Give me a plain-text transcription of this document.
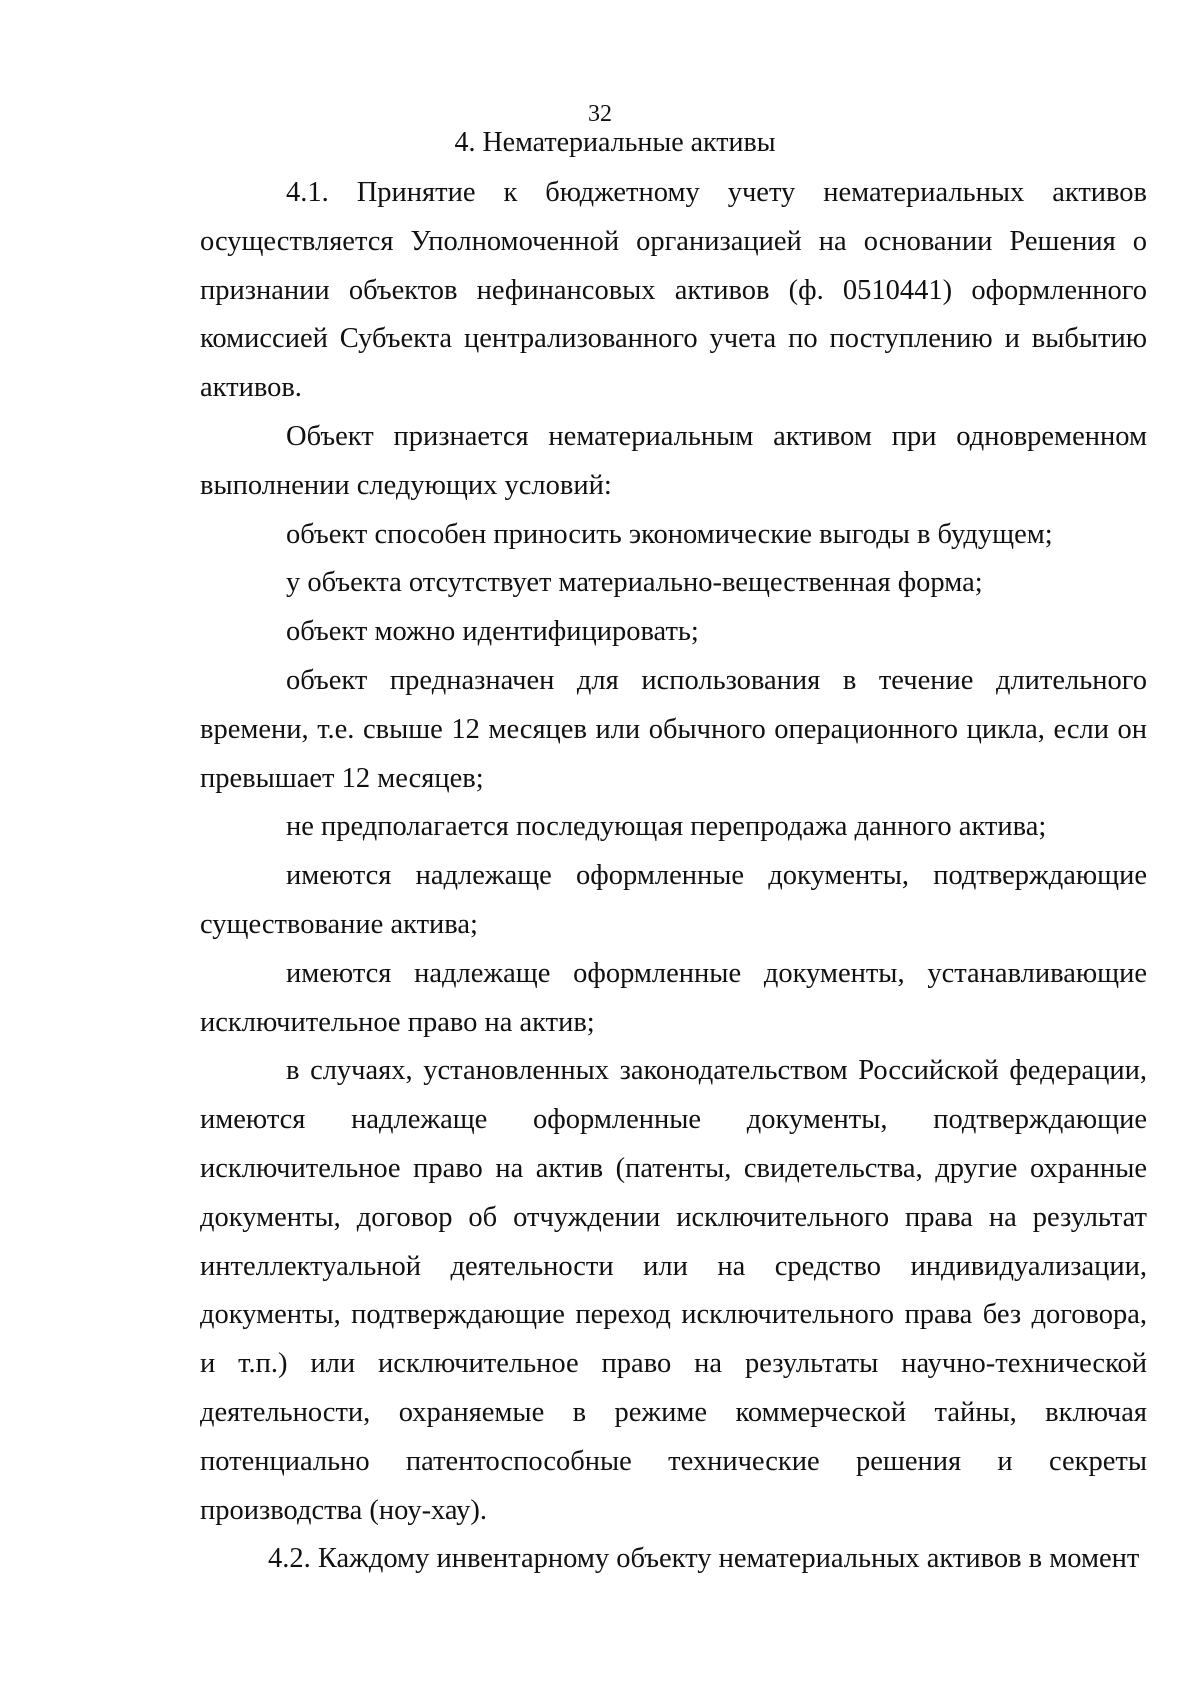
32
4. Нематериальные активы

4.1. Принятие к бюджетному учету нематериальных активов осуществляется Уполномоченной организацией на основании Решения о признании объектов нефинансовых активов (ф. 0510441) оформленного комиссией Субъекта централизованного учета по поступлению и выбытию активов.

Объект признается нематериальным активом при одновременном выполнении следующих условий:

объект способен приносить экономические выгоды в будущем;

у объекта отсутствует материально-вещественная форма;

объект можно идентифицировать;

объект предназначен для использования в течение длительного времени, т.е. свыше 12 месяцев или обычного операционного цикла, если он превышает 12 месяцев;

не предполагается последующая перепродажа данного актива;

имеются надлежаще оформленные документы, подтверждающие существование актива;

имеются надлежаще оформленные документы, устанавливающие исключительное право на актив;

в случаях, установленных законодательством Российской федерации, имеются надлежаще оформленные документы, подтверждающие исключительное право на актив (патенты, свидетельства, другие охранные документы, договор об отчуждении исключительного права на результат интеллектуальной деятельности или на средство индивидуализации, документы, подтверждающие переход исключительного права без договора, и т.п.) или исключительное право на результаты научно-технической деятельности, охраняемые в режиме коммерческой тайны, включая потенциально патентоспособные технические решения и секреты производства (ноу-хау).

4.2. Каждому инвентарному объекту нематериальных активов в момент
